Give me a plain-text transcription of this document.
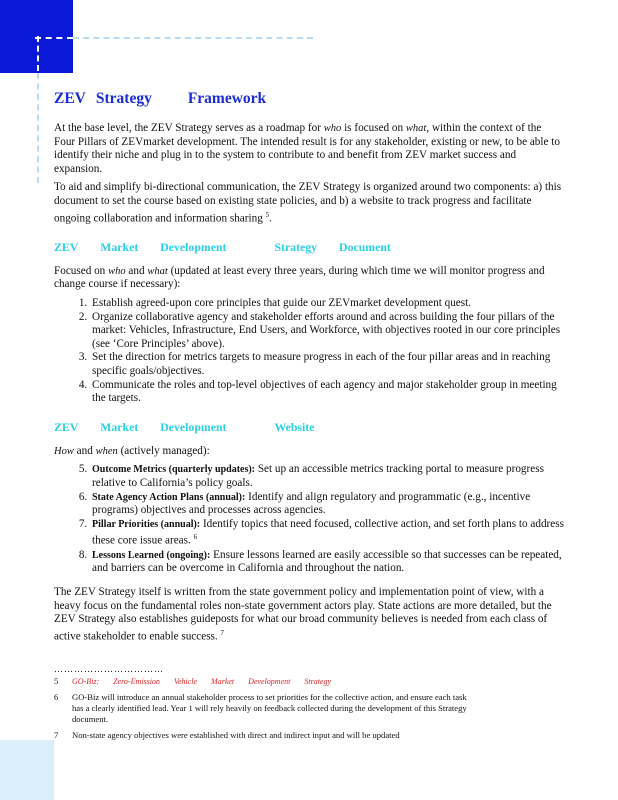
ZEV Strategy Framework

At the base level, the ZEV Strategy serves as a roadmap for who is focused on what, within the context of the Four Pillars of ZEVmarket development. The intended result is for any stakeholder, existing or new, to be able to identify their niche and plug in to the system to contribute to and benefit from ZEV market success and expansion.

To aid and simplify bi-directional communication, the ZEV Strategy is organized around two components: a) this document to set the course based on existing state policies, and b) a website to track progress and facilitate ongoing collaboration and information sharing $^5$.

ZEV Market Development	Strategy Document

Focused on who and what (updated at least every three years, during which time we will monitor progress and change course if necessary):

1. Establish agreed-upon core principles that guide our ZEVmarket development quest.
2. Organize collaborative agency and stakeholder efforts around and across building the four pillars of the market: Vehicles, Infrastructure, End Users, and Workforce, with objectives rooted in our core principles (see ‘Core Principles’ above).
3. Set the direction for metrics targets to measure progress in each of the four pillar areas and in reaching specific goals/objectives.
4. Communicate the roles and top-level objectives of each agency and major stakeholder group in meeting the targets.
ZEV Market Development	Website

How and when (actively managed):

5. Outcome Metrics (quarterly updates): Set up an accessible metrics tracking portal to measure progress relative to California’s policy goals.
6. State Agency Action Plans (annual): Identify and align regulatory and programmatic (e.g., incentive programs) objectives and processes across agencies.
7. Pillar Priorities (annual): Identify topics that need focused, collective action, and set forth plans to address these core issue areas. $^6$
8. Lessons Learned (ongoing): Ensure lessons learned are easily accessible so that successes can be repeated, and barriers can be overcome in California and throughout the nation.

The ZEV Strategy itself is written from the state government policy and implementation point of view, with a heavy focus on the fundamental roles non-state government actors play. State actions are more detailed, but the ZEV Strategy also establishes guideposts for what our broad community believes is needed from each class of active stakeholder to enable success. $^7$

……………………………
5	GO-Biz: Zero-Emission Vehicle Market Development Strategy
6	GO-Biz will introduce an annual stakeholder process to set priorities for the collective action, and ensure each task has a clearly identified lead. Year 1 will rely heavily on feedback collected during the development of this Strategy document.
7	Non-state agency objectives were established with direct and indirect input and will be updated
